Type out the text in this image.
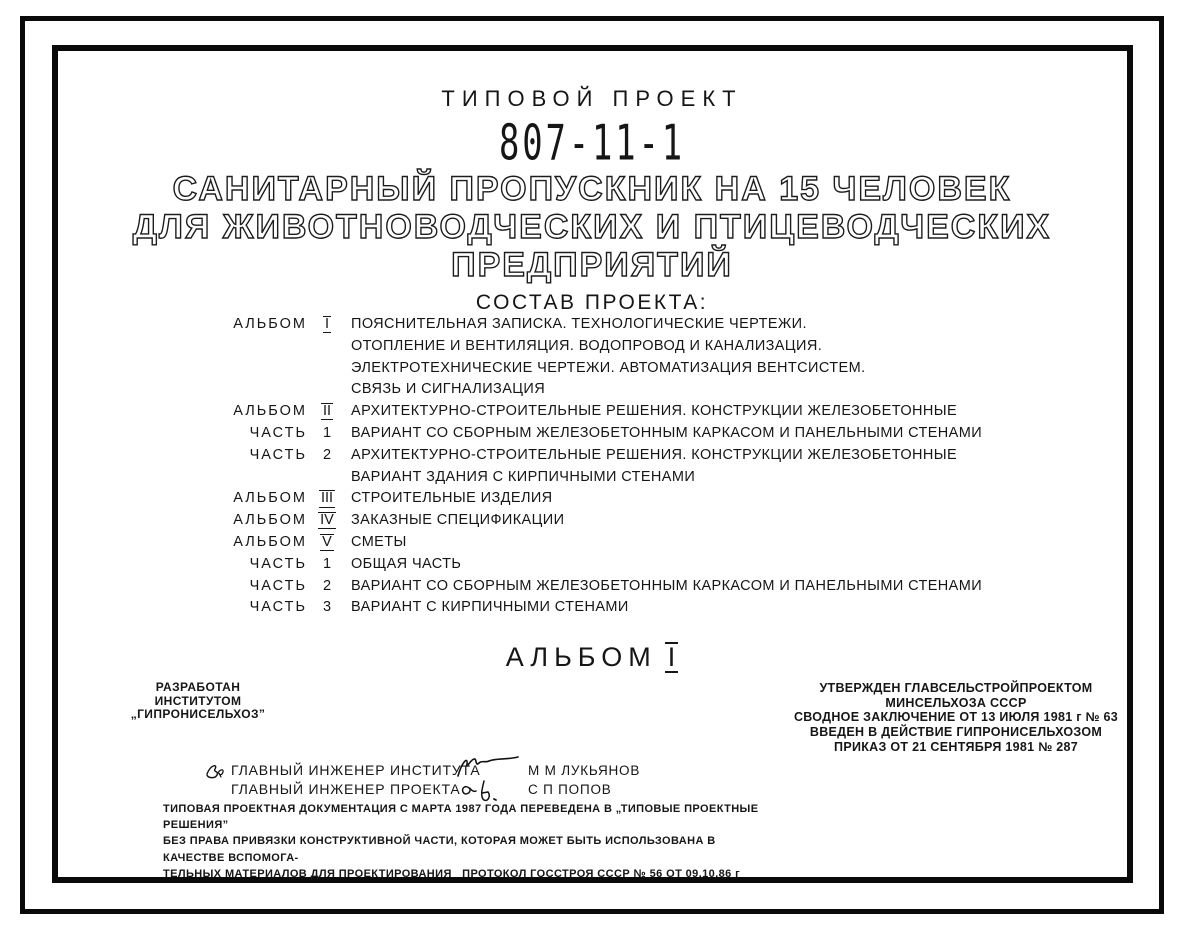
ТИПОВОЙ ПРОЕКТ
807-11-1
САНИТАРНЫЙ ПРОПУСКНИК НА 15 ЧЕЛОВЕК
ДЛЯ ЖИВОТНОВОДЧЕСКИХ И ПТИЦЕВОДЧЕСКИХ
ПРЕДПРИЯТИЙ
СОСТАВ ПРОЕКТА:
АЛЬБОМ	I	ПОЯСНИТЕЛЬНАЯ ЗАПИСКА. ТЕХНОЛОГИЧЕСКИЕ ЧЕРТЕЖИ.
ОТОПЛЕНИЕ И ВЕНТИЛЯЦИЯ. ВОДОПРОВОД И КАНАЛИЗАЦИЯ.
ЭЛЕКТРОТЕХНИЧЕСКИЕ ЧЕРТЕЖИ. АВТОМАТИЗАЦИЯ ВЕНТСИСТЕМ.
СВЯЗЬ И СИГНАЛИЗАЦИЯ
АЛЬБОМ	II	АРХИТЕКТУРНО-СТРОИТЕЛЬНЫЕ РЕШЕНИЯ. КОНСТРУКЦИИ ЖЕЛЕЗОБЕТОННЫЕ
ЧАСТЬ	1	ВАРИАНТ СО СБОРНЫМ ЖЕЛЕЗОБЕТОННЫМ КАРКАСОМ И ПАНЕЛЬНЫМИ СТЕНАМИ
ЧАСТЬ	2	АРХИТЕКТУРНО-СТРОИТЕЛЬНЫЕ РЕШЕНИЯ. КОНСТРУКЦИИ ЖЕЛЕЗОБЕТОННЫЕ
ВАРИАНТ ЗДАНИЯ С КИРПИЧНЫМИ СТЕНАМИ
АЛЬБОМ III	СТРОИТЕЛЬНЫЕ ИЗДЕЛИЯ
АЛЬБОМ IV	ЗАКАЗНЫЕ СПЕЦИФИКАЦИИ
АЛЬБОМ	V	СМЕТЫ
ЧАСТЬ	1	ОБЩАЯ ЧАСТЬ
ЧАСТЬ	2	ВАРИАНТ СО СБОРНЫМ ЖЕЛЕЗОБЕТОННЫМ КАРКАСОМ И ПАНЕЛЬНЫМИ СТЕНАМИ
ЧАСТЬ	3	ВАРИАНТ С КИРПИЧНЫМИ СТЕНАМИ
АЛЬБОМ I
РАЗРАБОТАН
ИНСТИТУТОМ „ГИПРОНИСЕЛЬХОЗ”
УТВЕРЖДЕН ГЛАВСЕЛЬСТРОЙПРОЕКТОМ
МИНСЕЛЬХОЗА СССР
СВОДНОЕ ЗАКЛЮЧЕНИЕ ОТ 13 ИЮЛЯ 1981 г № 63
ВВЕДЕН В ДЕЙСТВИЕ ГИПРОНИСЕЛЬХОЗОМ
ПРИКАЗ ОТ 21 СЕНТЯБРЯ 1981 № 287
ГЛАВНЫЙ ИНЖЕНЕР ИНСТИТУТА
ГЛАВНЫЙ ИНЖЕНЕР ПРОЕКТА
М М ЛУКЬЯНОВ
С П ПОПОВ
ТИПОВАЯ ПРОЕКТНАЯ ДОКУМЕНТАЦИЯ С МАРТА 1987 ГОДА ПЕРЕВЕДЕНА В „ТИПОВЫЕ ПРОЕКТНЫЕ РЕШЕНИЯ”
БЕЗ ПРАВА ПРИВЯЗКИ КОНСТРУКТИВНОЙ ЧАСТИ, КОТОРАЯ МОЖЕТ БЫТЬ ИСПОЛЬЗОВАНА В КАЧЕСТВЕ ВСПОМОГА-
ТЕЛЬНЫХ МАТЕРИАЛОВ ДЛЯ ПРОЕКТИРОВАНИЯ   ПРОТОКОЛ ГОССТРОЯ СССР № 56 ОТ 09.10.86 г
